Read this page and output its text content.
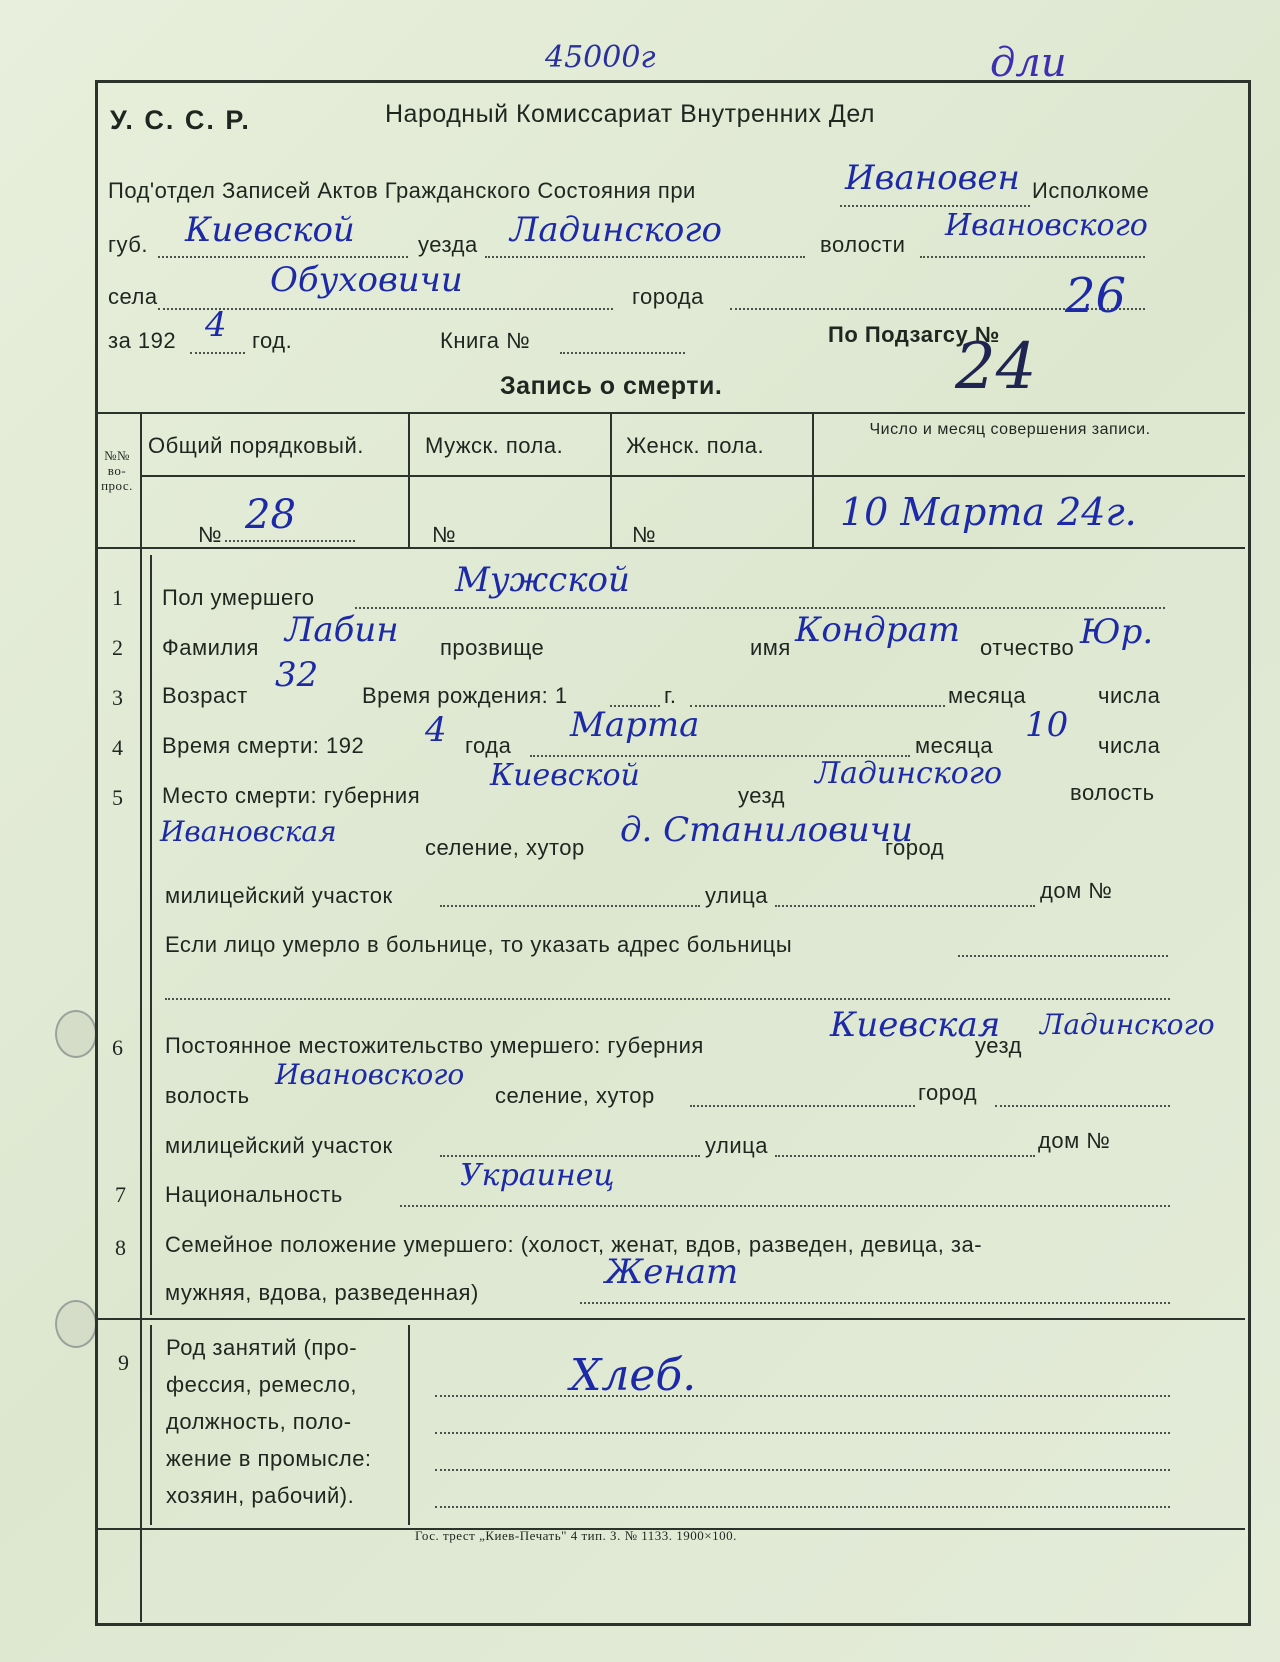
45000г	дли
У. С. С. Р.	Народный Комиссариат Внутренних Дел
Под'отдел Записей Актов Гражданского Состояния при	Ивановен Исполкоме
губ. Киевской	уезда Ладинского	волости
Ивановского
села	Обуховичи	города
за 192 4 год.	Книга №	По Подзагсу №
26
24
Запись о смерти.
№№ во-прос.
Общий порядковый.	Мужск. пола.	Женск. пола.
Число и месяц совершения записи.
№ 28	№	№
10 Марта 24г.
1 Пол умершего	Мужской
2 Фамилия Лабин прозвище	имя Кондрат отчество Юр.
3 Возраст
32
Время рождения: 1	г.	месяца	числа
4 Время смерти: 192 4 года
Марта
месяца
10
числа
5 Место смерти: губерния
Киевской
уезд
Ладинского
волость
Ивановская	селение, хутор д. Станиловичи
город
милицейский участок	улица	дом №
Если лицо умерло в больнице, то указать адрес больницы
6 Постоянное местожительство умершего: губерния
Киевская
уезд
Ладинского
волость
Ивановского
селение, хутор	город
милицейский участок	улица	дом №
7 Национальность
Украинец
8 Семейное положение умершего: (холост, женат, вдов, разведен, девица, за-
мужняя, вдова, разведенная)
Женат
9
Род занятий (про-
фессия, ремесло,
должность, поло-
жение в промысле:
хозяин, рабочий).
Хлеб.
Гос. трест „Киев-Печать" 4 тип. З. № 1133. 1900×100.
